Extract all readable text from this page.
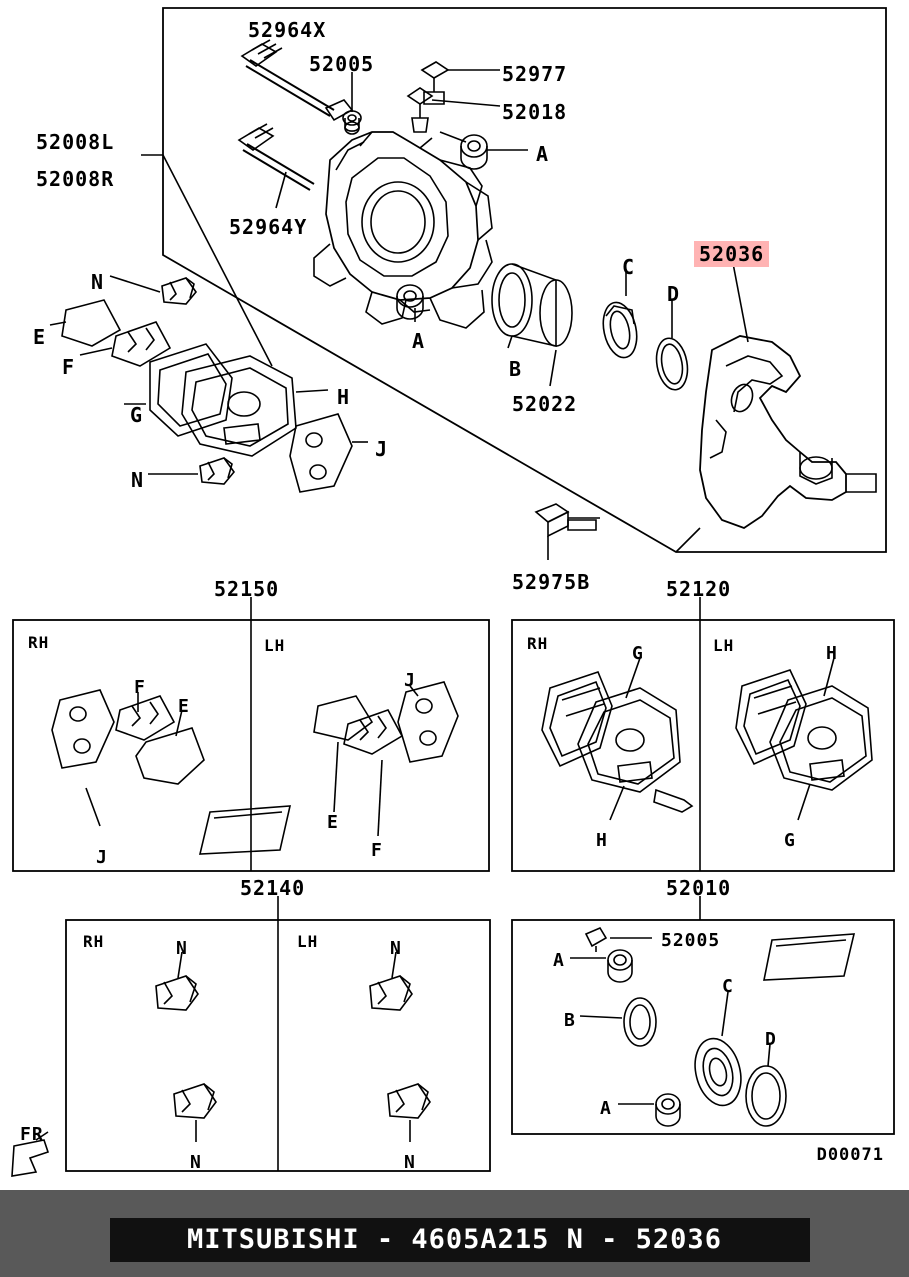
52008L
52008R
52964X
52005	52977
52018
52964Y
52022
52036
52975B
A
A
B
C
D
E
F
G
H
J
N
N
52150
RH	LH
F
E
J
J
E
F
52120
RH	LH
G	H
H	G
52140
RH	LH
N	N
N	N
52010
52005
A
B
C
D
A
FR
D00071
MITSUBISHI - 4605A215 N - 52036
